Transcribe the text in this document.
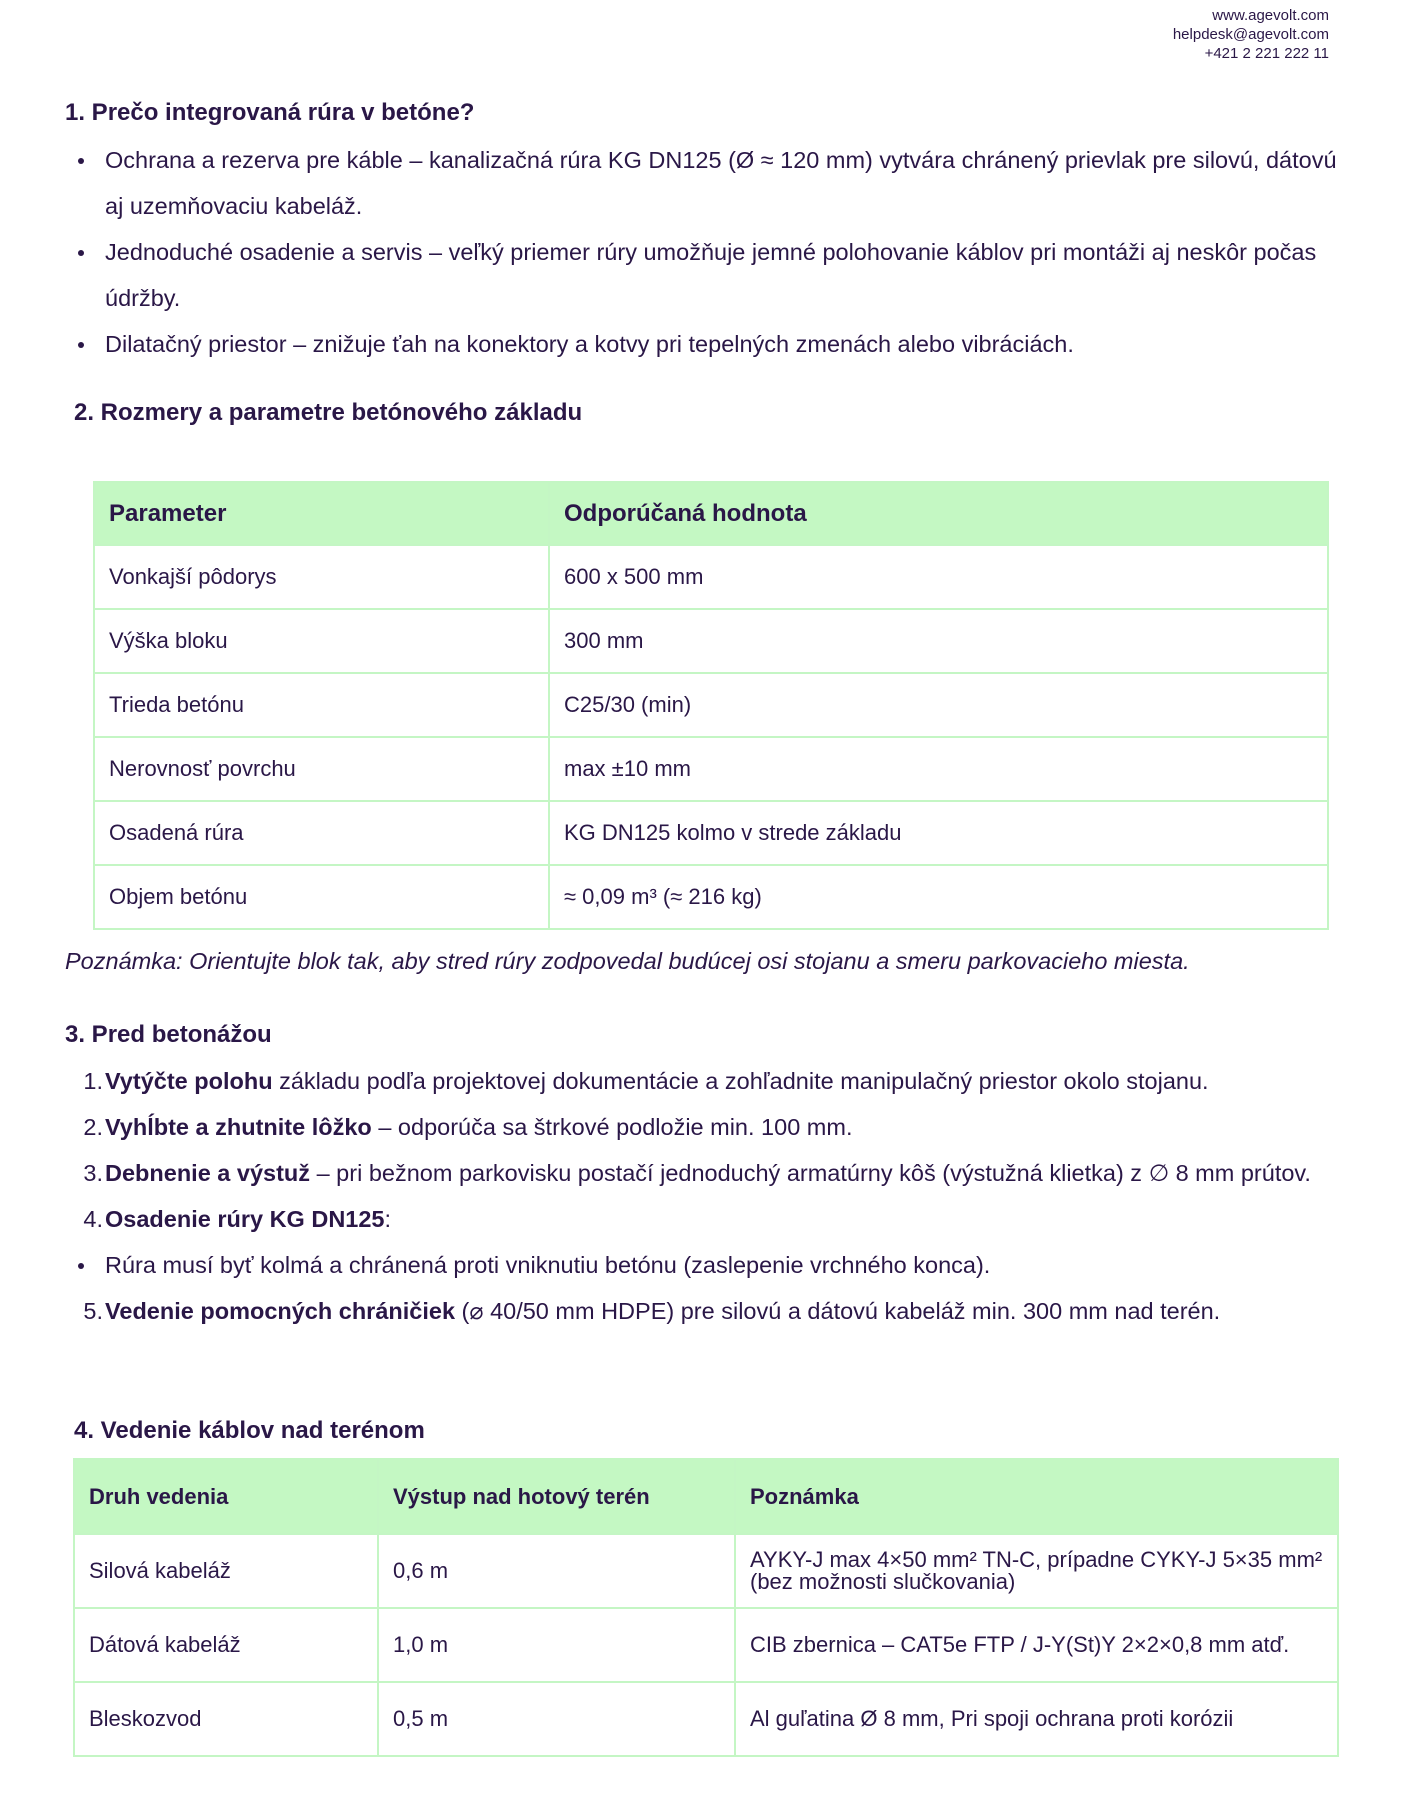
www.agevolt.com
helpdesk@agevolt.com
+421 2 221 222 11
1. Prečo integrovaná rúra v betóne?
Ochrana a rezerva pre káble – kanalizačná rúra KG DN125 (Ø ≈ 120 mm) vytvára chránený prievlak pre silovú, dátovú aj uzemňovaciu kabeláž.
Jednoduché osadenie a servis – veľký priemer rúry umožňuje jemné polohovanie káblov pri montáži aj neskôr počas údržby.
Dilatačný priestor – znižuje ťah na konektory a kotvy pri tepelných zmenách alebo vibráciách.
2. Rozmery a parametre betónového základu
Parameter	Odporúčaná hodnota
Vonkajší pôdorys	600 x 500 mm
Výška bloku	300 mm
Trieda betónu	C25/30 (min)
Nerovnosť povrchu	max ±10 mm
Osadená rúra	KG DN125 kolmo v strede základu
Objem betónu	≈ 0,09 m³ (≈ 216 kg)
Poznámka: Orientujte blok tak, aby stred rúry zodpovedal budúcej osi stojanu a smeru parkovacieho miesta.
3. Pred betonážou
1. Vytýčte polohu základu podľa projektovej dokumentácie a zohľadnite manipulačný priestor okolo stojanu.
2. Vyhĺbte a zhutnite lôžko – odporúča sa štrkové podložie min. 100 mm.
3. Debnenie a výstuž – pri bežnom parkovisku postačí jednoduchý armatúrny kôš (výstužná klietka) z ∅ 8 mm prútov.
4. Osadenie rúry KG DN125:
Rúra musí byť kolmá a chránená proti vniknutiu betónu (zaslepenie vrchného konca).
5. Vedenie pomocných chráničiek (⌀ 40/50 mm HDPE) pre silovú a dátovú kabeláž min. 300 mm nad terén.
4. Vedenie káblov nad terénom
Druh vedenia	Výstup nad hotový terén	Poznámka
Silová kabeláž	0,6 m	AYKY-J max 4×50 mm² TN-C, prípadne CYKY-J 5×35 mm² (bez možnosti slučkovania)
Dátová kabeláž	1,0 m	CIB zbernica – CAT5e FTP / J-Y(St)Y 2×2×0,8 mm atď.
Bleskozvod	0,5 m	Al guľatina Ø 8 mm, Pri spoji ochrana proti korózii
